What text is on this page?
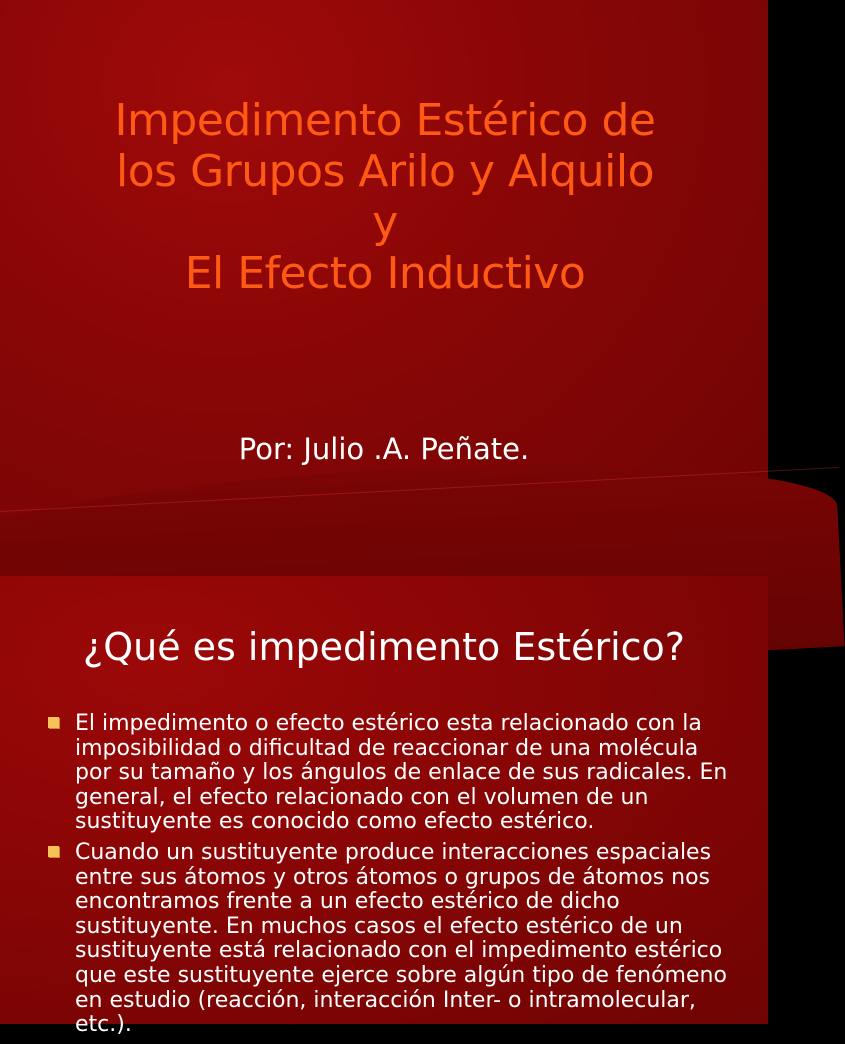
Impedimento Estérico de
los Grupos Arilo y Alquilo
y
El Efecto Inductivo
Por: Julio .A. Peñate.
¿Qué es impedimento Estérico?
El impedimento o efecto estérico esta relacionado con la imposibilidad o dificultad de reaccionar de una molécula por su tamaño y los ángulos de enlace de sus radicales. En general, el efecto relacionado con el volumen de un sustituyente es conocido como efecto estérico.
Cuando un sustituyente produce interacciones espaciales entre sus átomos y otros átomos o grupos de átomos nos encontramos frente a un efecto estérico de dicho sustituyente. En muchos casos el efecto estérico de un sustituyente está relacionado con el impedimento estérico que este sustituyente ejerce sobre algún tipo de fenómeno en estudio (reacción, interacción Inter- o intramolecular, etc.).
